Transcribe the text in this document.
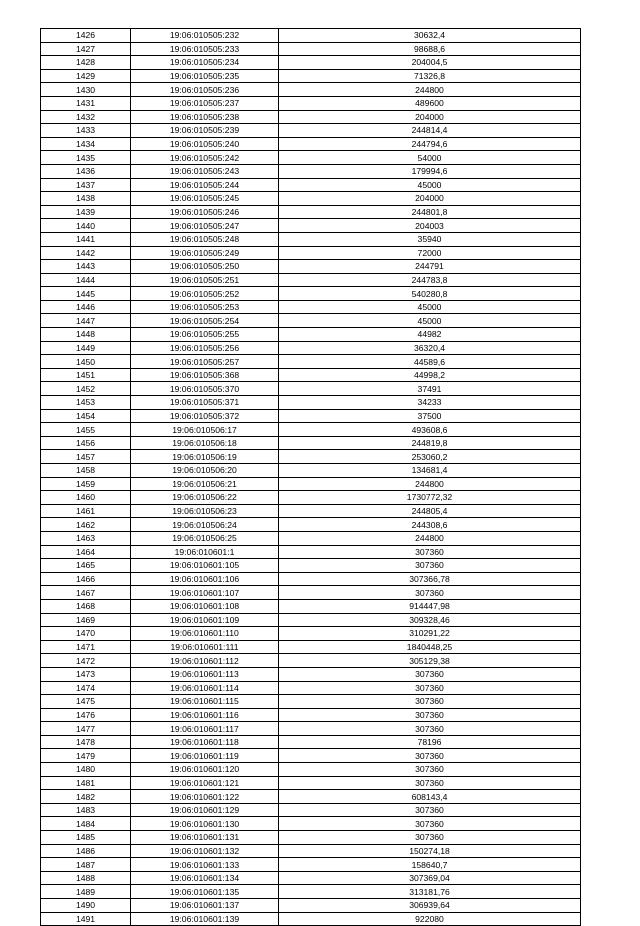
1426	19:06:010505:232	30632,4
1427	19:06:010505:233	98688,6
1428	19:06:010505:234	204004,5
1429	19:06:010505:235	71326,8
1430	19:06:010505:236	244800
1431	19:06:010505:237	489600
1432	19:06:010505:238	204000
1433	19:06:010505:239	244814,4
1434	19:06:010505:240	244794,6
1435	19:06:010505:242	54000
1436	19:06:010505:243	179994,6
1437	19:06:010505:244	45000
1438	19:06:010505:245	204000
1439	19:06:010505:246	244801,8
1440	19:06:010505:247	204003
1441	19:06:010505:248	35940
1442	19:06:010505:249	72000
1443	19:06:010505:250	244791
1444	19:06:010505:251	244783,8
1445	19:06:010505:252	540280,8
1446	19:06:010505:253	45000
1447	19:06:010505:254	45000
1448	19:06:010505:255	44982
1449	19:06:010505:256	36320,4
1450	19:06:010505:257	44589,6
1451	19:06:010505:368	44998,2
1452	19:06:010505:370	37491
1453	19:06:010505:371	34233
1454	19:06:010505:372	37500
1455	19:06:010506:17	493608,6
1456	19:06:010506:18	244819,8
1457	19:06:010506:19	253060,2
1458	19:06:010506:20	134681,4
1459	19:06:010506:21	244800
1460	19:06:010506:22	1730772,32
1461	19:06:010506:23	244805,4
1462	19:06:010506:24	244308,6
1463	19:06:010506:25	244800
1464	19:06:010601:1	307360
1465	19:06:010601:105	307360
1466	19:06:010601:106	307366,78
1467	19:06:010601:107	307360
1468	19:06:010601:108	914447,98
1469	19:06:010601:109	309328,46
1470	19:06:010601:110	310291,22
1471	19:06:010601:111	1840448,25
1472	19:06:010601:112	305129,38
1473	19:06:010601:113	307360
1474	19:06:010601:114	307360
1475	19:06:010601:115	307360
1476	19:06:010601:116	307360
1477	19:06:010601:117	307360
1478	19:06:010601:118	78196
1479	19:06:010601:119	307360
1480	19:06:010601:120	307360
1481	19:06:010601:121	307360
1482	19:06:010601:122	608143,4
1483	19:06:010601:129	307360
1484	19:06:010601:130	307360
1485	19:06:010601:131	307360
1486	19:06:010601:132	150274,18
1487	19:06:010601:133	158640,7
1488	19:06:010601:134	307369,04
1489	19:06:010601:135	313181,76
1490	19:06:010601:137	306939,64
1491	19:06:010601:139	922080
